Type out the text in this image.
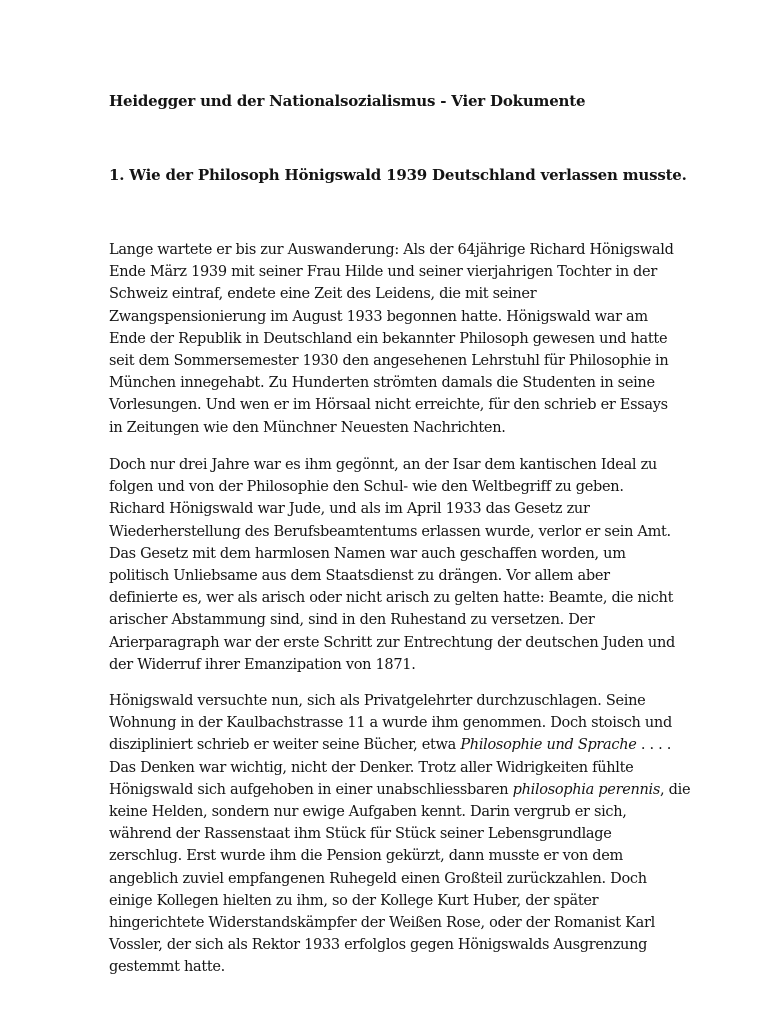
Heidegger und der Nationalsozialismus - Vier Dokumente
1. Wie der Philosoph Hönigswald 1939 Deutschland verlassen musste.

Lange wartete er bis zur Auswanderung: Als der 64jährige Richard Hönigswald
Ende März 1939 mit seiner Frau Hilde und seiner vierjahrigen Tochter in der
Schweiz eintraf, endete eine Zeit des Leidens, die mit seiner
Zwangspensionierung im August 1933 begonnen hatte. Hönigswald war am
Ende der Republik in Deutschland ein bekannter Philosoph gewesen und hatte
seit dem Sommersemester 1930 den angesehenen Lehrstuhl für Philosophie in
München innegehabt. Zu Hunderten strömten damals die Studenten in seine
Vorlesungen. Und wen er im Hörsaal nicht erreichte, für den schrieb er Essays
in Zeitungen wie den Münchner Neuesten Nachrichten.

Doch nur drei Jahre war es ihm gegönnt, an der Isar dem kantischen Ideal zu
folgen und von der Philosophie den Schul- wie den Weltbegriff zu geben.
Richard Hönigswald war Jude, und als im April 1933 das Gesetz zur
Wiederherstellung des Berufsbeamtentums erlassen wurde, verlor er sein Amt.
Das Gesetz mit dem harmlosen Namen war auch geschaffen worden, um
politisch Unliebsame aus dem Staatsdienst zu drängen. Vor allem aber
definierte es, wer als arisch oder nicht arisch zu gelten hatte: Beamte, die nicht
arischer Abstammung sind, sind in den Ruhestand zu versetzen. Der
Arierparagraph war der erste Schritt zur Entrechtung der deutschen Juden und
der Widerruf ihrer Emanzipation von 1871.

Hönigswald versuchte nun, sich als Privatgelehrter durchzuschlagen. Seine
Wohnung in der Kaulbachstrasse 11 a wurde ihm genommen. Doch stoisch und
diszipliniert schrieb er weiter seine Bücher, etwa Philosophie und Sprache . . . .
Das Denken war wichtig, nicht der Denker. Trotz aller Widrigkeiten fühlte
Hönigswald sich aufgehoben in einer unabschliessbaren philosophia perennis, die
keine Helden, sondern nur ewige Aufgaben kennt. Darin vergrub er sich,
während der Rassenstaat ihm Stück für Stück seiner Lebensgrundlage
zerschlug. Erst wurde ihm die Pension gekürzt, dann musste er von dem
angeblich zuviel empfangenen Ruhegeld einen Großteil zurückzahlen. Doch
einige Kollegen hielten zu ihm, so der Kollege Kurt Huber, der später
hingerichtete Widerstandskämpfer der Weißen Rose, oder der Romanist Karl
Vossler, der sich als Rektor 1933 erfolglos gegen Hönigswalds Ausgrenzung
gestemmt hatte.
